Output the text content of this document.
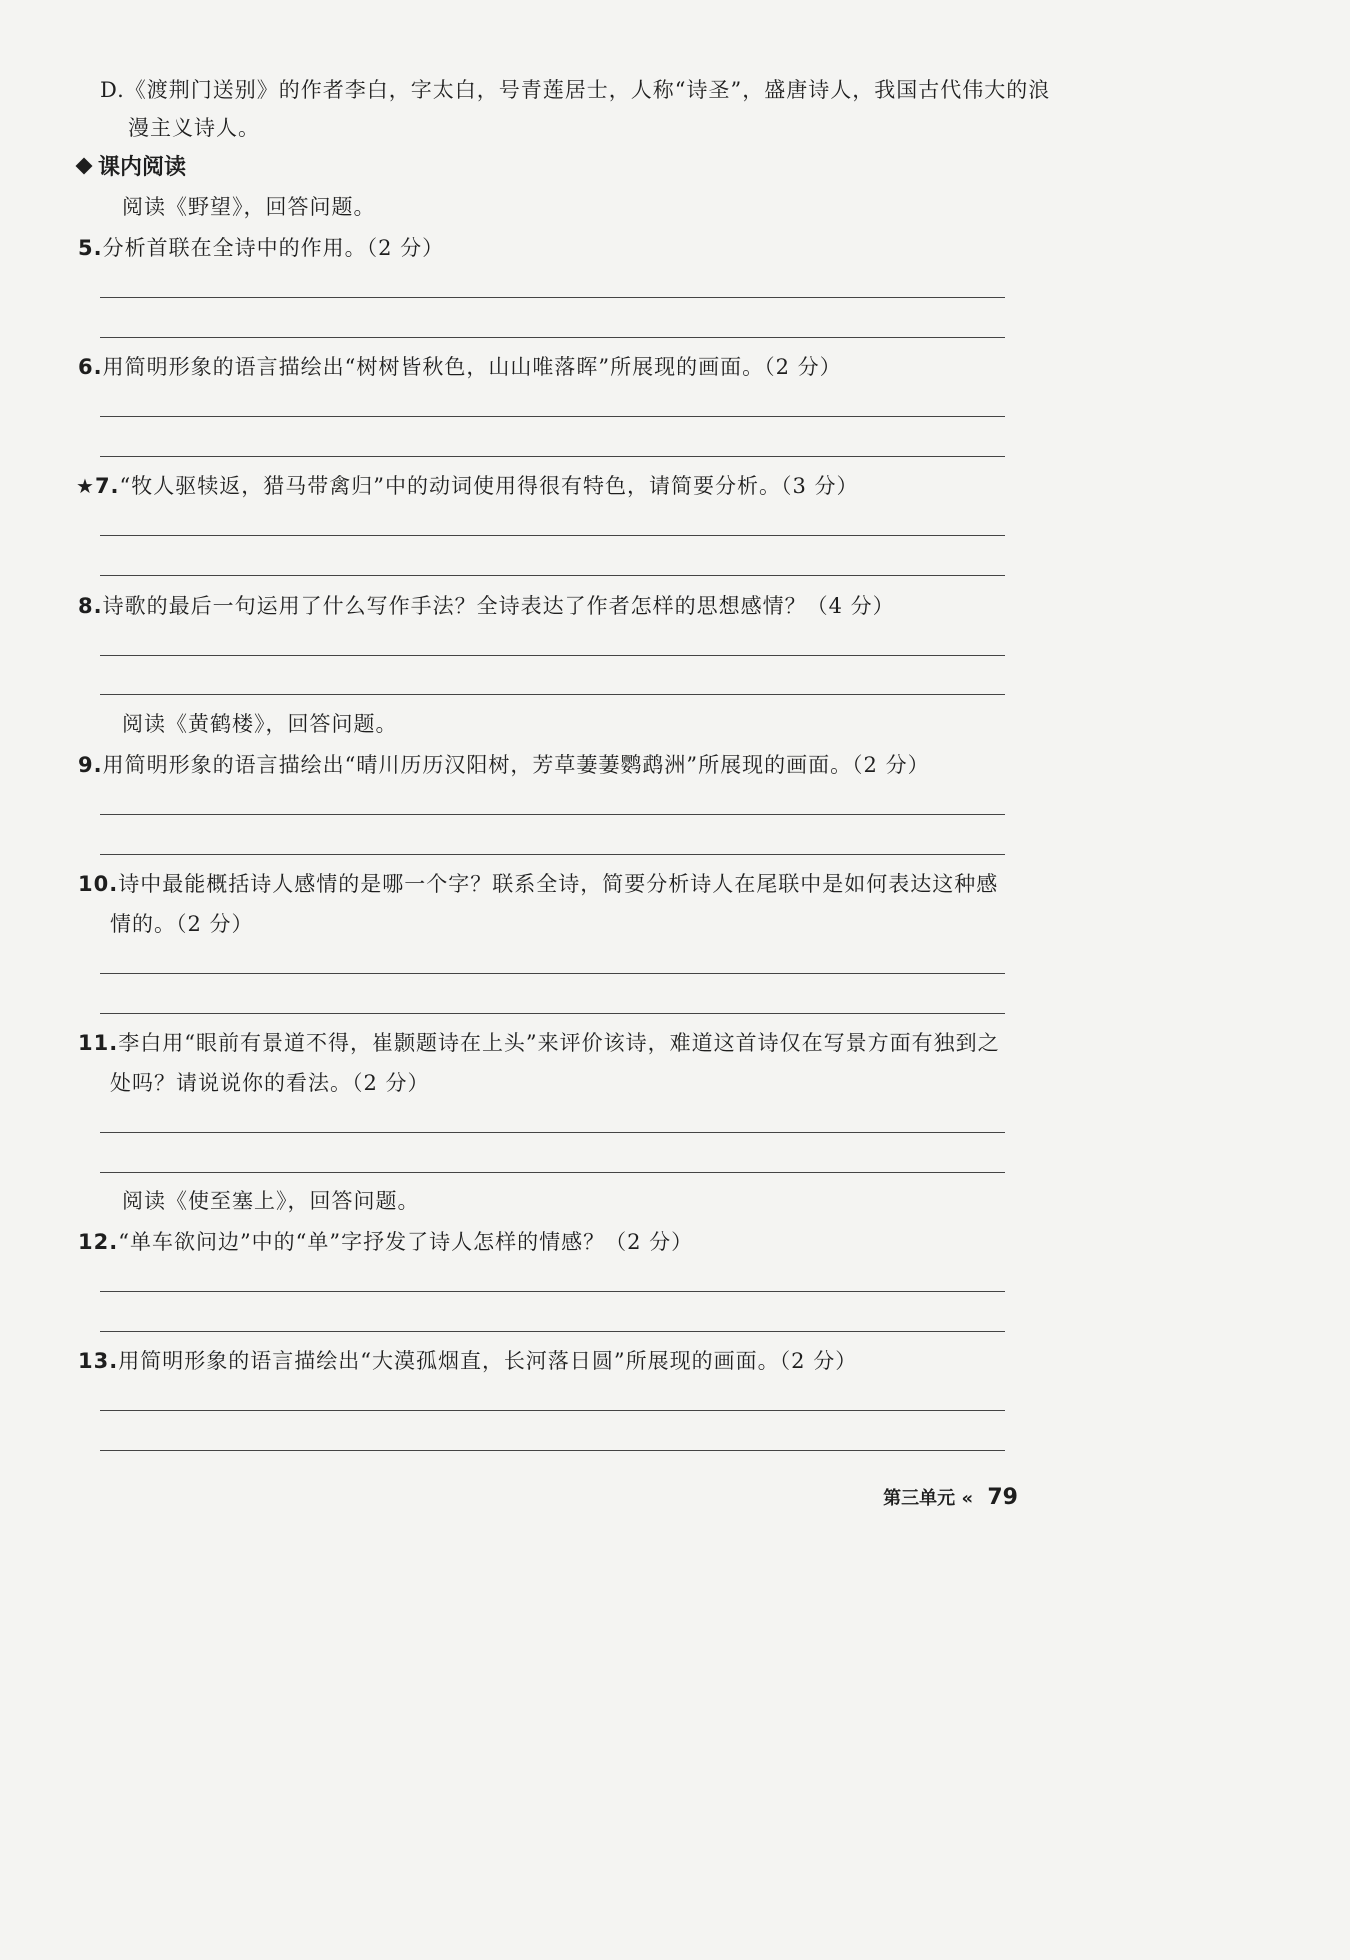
D.《渡荆门送别》的作者李白，字太白，号青莲居士，人称“诗圣”，盛唐诗人，我国古代伟大的浪
漫主义诗人。
课内阅读
阅读《野望》，回答问题。
5.分析首联在全诗中的作用。（2 分）
6.用简明形象的语言描绘出“树树皆秋色，山山唯落晖”所展现的画面。（2 分）
★7.“牧人驱犊返，猎马带禽归”中的动词使用得很有特色，请简要分析。（3 分）
8.诗歌的最后一句运用了什么写作手法？全诗表达了作者怎样的思想感情？（4 分）
阅读《黄鹤楼》，回答问题。
9.用简明形象的语言描绘出“晴川历历汉阳树，芳草萋萋鹦鹉洲”所展现的画面。（2 分）
10.诗中最能概括诗人感情的是哪一个字？联系全诗，简要分析诗人在尾联中是如何表达这种感
情的。（2 分）
11.李白用“眼前有景道不得，崔颢题诗在上头”来评价该诗，难道这首诗仅在写景方面有独到之
处吗？请说说你的看法。（2 分）
阅读《使至塞上》，回答问题。
12.“单车欲问边”中的“单”字抒发了诗人怎样的情感？（2 分）
13.用简明形象的语言描绘出“大漠孤烟直，长河落日圆”所展现的画面。（2 分）
第三单元 « 79
